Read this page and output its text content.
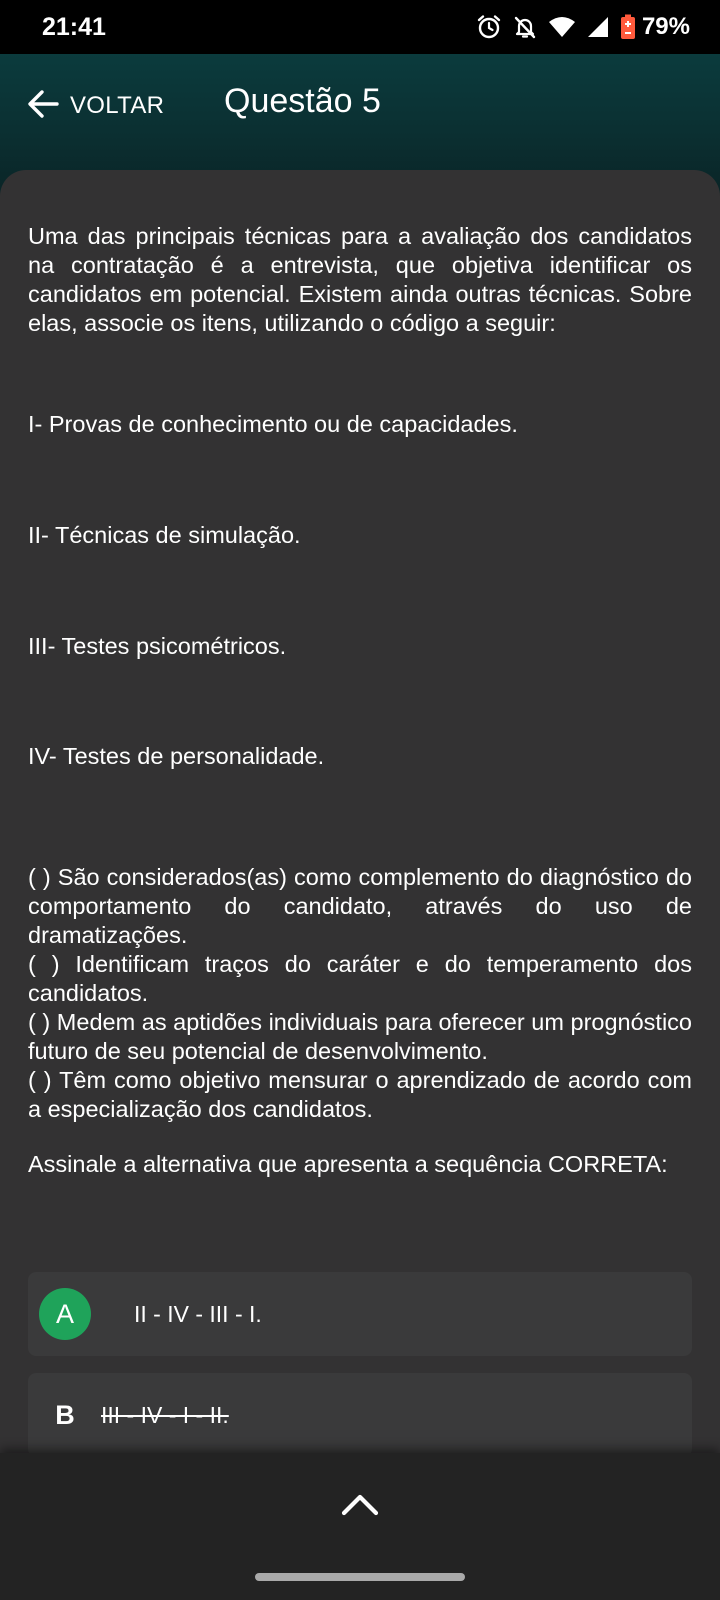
21:41	79%
VOLTAR Questão 5
Uma das principais técnicas para a avaliação dos candidatos na contratação é a entrevista, que objetiva identificar os candidatos em potencial. Existem ainda outras técnicas. Sobre elas, associe os itens, utilizando o código a seguir:
I- Provas de conhecimento ou de capacidades.
II- Técnicas de simulação.
III- Testes psicométricos.
IV- Testes de personalidade.

( ) São considerados(as) como complemento do diagnóstico do comportamento do candidato, através do uso de dramatizações.

( ) Identificam traços do caráter e do temperamento dos candidatos.

( ) Medem as aptidões individuais para oferecer um prognóstico futuro de seu potencial de desenvolvimento.

( ) Têm como objetivo mensurar o aprendizado de acordo com a especialização dos candidatos.

Assinale a alternativa que apresenta a sequência CORRETA:
A	II - IV - III - I.
B	III - IV - I - II.
